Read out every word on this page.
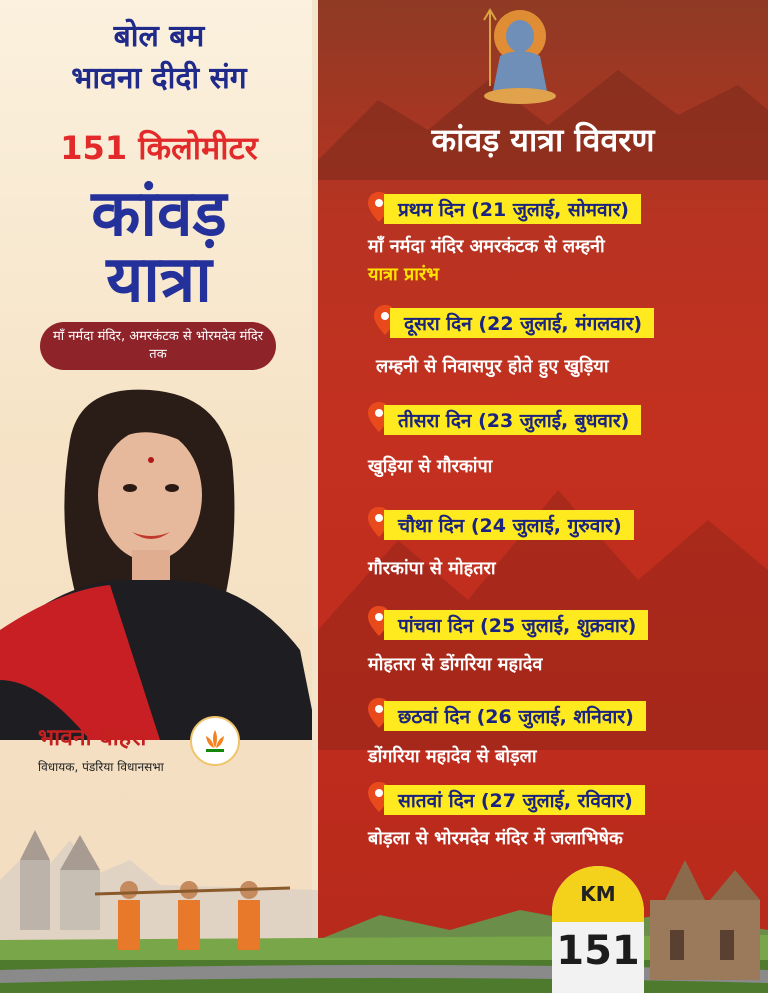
बोल बम
भावना दीदी संग
151 किलोमीटर
कांवड़
यात्रा
माँ नर्मदा मंदिर, अमरकंटक से भोरमदेव मंदिर तक
भावना बोहरा
विधायक, पंडरिया विधानसभा
कांवड़ यात्रा विवरण
प्रथम दिन (21 जुलाई, सोमवार)
माँ नर्मदा मंदिर अमरकंटक से लम्हनी
यात्रा प्रारंभ
दूसरा दिन (22 जुलाई, मंगलवार)
लम्हनी से निवासपुर होते हुए खुड़िया
तीसरा दिन (23 जुलाई, बुधवार)
खुड़िया से गौरकांपा
चौथा दिन (24 जुलाई, गुरुवार)
गौरकांपा से मोहतरा
पांचवा दिन (25 जुलाई, शुक्रवार)
मोहतरा से डोंगरिया महादेव
छठवां दिन (26 जुलाई, शनिवार)
डोंगरिया महादेव से बोड़ला
सातवां दिन (27 जुलाई, रविवार)
बोड़ला से भोरमदेव मंदिर में जलाभिषेक
KM
151
